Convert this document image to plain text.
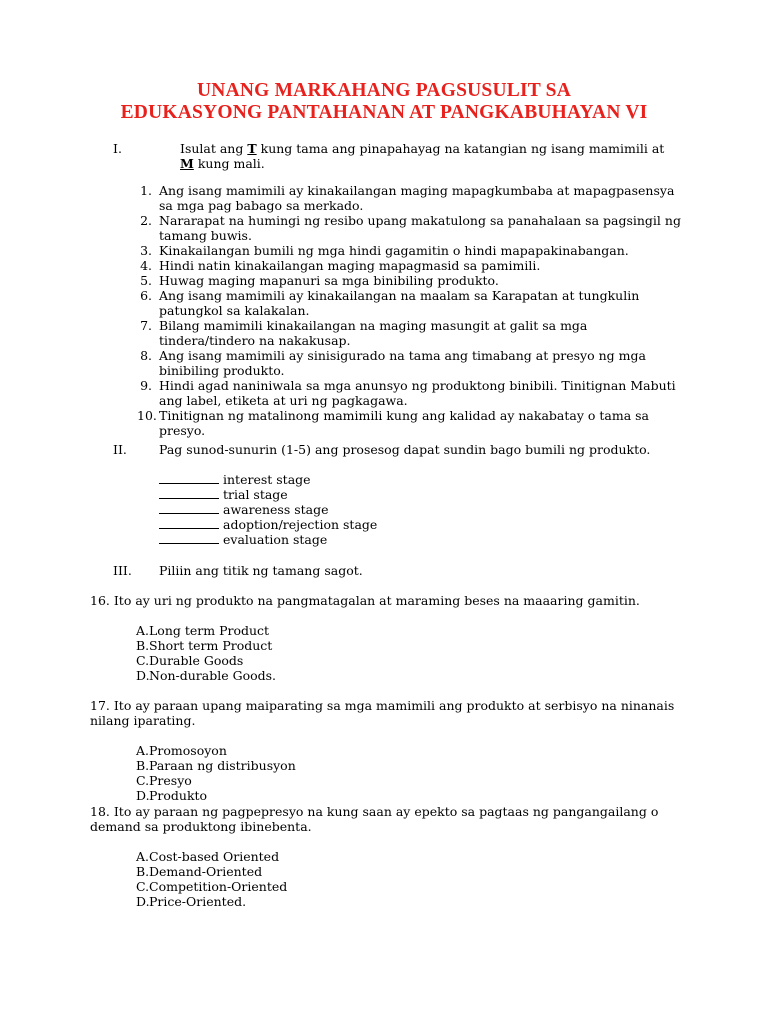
UNANG MARKAHANG PAGSUSULIT SA
EDUKASYONG PANTAHANAN AT PANGKABUHAYAN VI
I.	Isulat ang T kung tama ang pinapahayag na katangian ng isang mamimili at M kung mali.
1. Ang isang mamimili ay kinakailangan maging mapagkumbaba at mapagpasensya sa mga pag babago sa merkado.
2. Nararapat na humingi ng resibo upang makatulong sa panahalaan sa pagsingil ng tamang buwis.
3. Kinakailangan bumili ng mga hindi gagamitin o hindi mapapakinabangan.
4. Hindi natin kinakailangan maging mapagmasid sa pamimili.
5. Huwag maging mapanuri sa mga binibiling produkto.
6. Ang isang mamimili ay kinakailangan na maalam sa Karapatan at tungkulin patungkol sa kalakalan.
7. Bilang mamimili kinakailangan na maging masungit at galit sa mga tindera/tindero na nakakusap.
8. Ang isang mamimili ay sinisigurado na tama ang timabang at presyo ng mga binibiling produkto.
9. Hindi agad naniniwala sa mga anunsyo ng produktong binibili. Tinitignan Mabuti ang label, etiketa at uri ng pagkagawa.
10. Tinitignan ng matalinong mamimili kung ang kalidad ay nakabatay o tama sa presyo.
II.	Pag sunod-sunurin (1-5) ang prosesog dapat sundin bago bumili ng produkto.
interest stage
trial stage
awareness stage
adoption/rejection stage
evaluation stage
III. Piliin ang titik ng tamang sagot.
16. Ito ay uri ng produkto na pangmatagalan at maraming beses na maaaring gamitin.
A. Long term Product
B. Short term Product
C. Durable Goods
D. Non-durable Goods.
17. Ito ay paraan upang maiparating sa mga mamimili ang produkto at serbisyo na ninanais nilang iparating.
A. Promosoyon
B. Paraan ng distribusyon
C. Presyo
D. Produkto
18. Ito ay paraan ng pagpepresyo na kung saan ay epekto sa pagtaas ng pangangailang o demand sa produktong ibinebenta.
A. Cost-based Oriented
B. Demand-Oriented
C. Competition-Oriented
D. Price-Oriented.
